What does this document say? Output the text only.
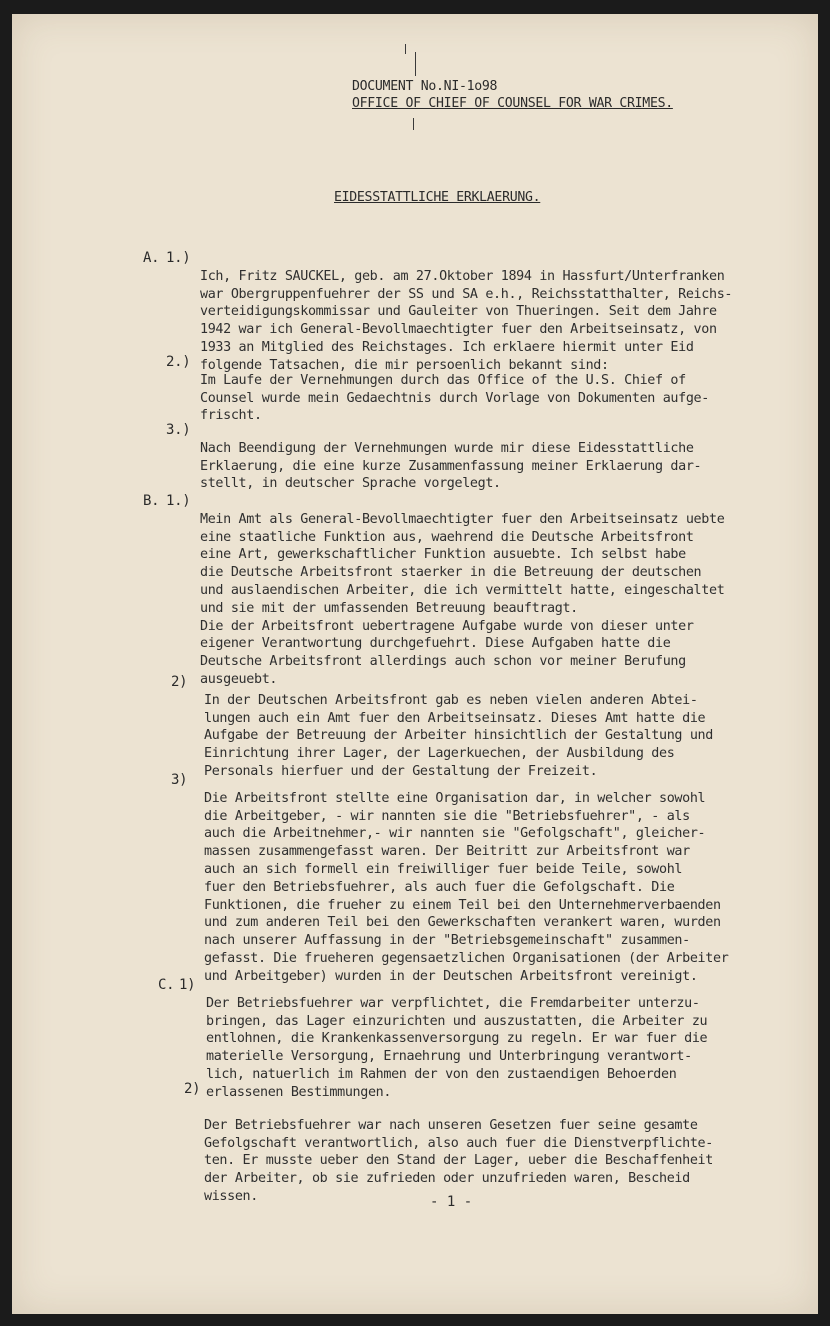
DOCUMENT No.NI-1o98
OFFICE OF CHIEF OF COUNSEL FOR WAR CRIMES.
EIDESSTATTLICHE ERKLAERUNG.
A. 1.)

Ich, Fritz SAUCKEL, geb. am 27.Oktober 1894 in Hassfurt/Unterfranken
war Obergruppenfuehrer der SS und SA e.h., Reichsstatthalter, Reichs-
verteidigungskommissar und Gauleiter von Thueringen. Seit dem Jahre
1942 war ich General-Bevollmaechtigter fuer den Arbeitseinsatz, von
1933 an Mitglied des Reichstages. Ich erklaere hiermit unter Eid
folgende Tatsachen, die mir persoenlich bekannt sind:
2.)

Im Laufe der Vernehmungen durch das Office of the U.S. Chief of
Counsel wurde mein Gedaechtnis durch Vorlage von Dokumenten aufge-
frischt.
3.)

Nach Beendigung der Vernehmungen wurde mir diese Eidesstattliche
Erklaerung, die eine kurze Zusammenfassung meiner Erklaerung dar-
stellt, in deutscher Sprache vorgelegt.
B. 1.)

Mein Amt als General-Bevollmaechtigter fuer den Arbeitseinsatz uebte
eine staatliche Funktion aus, waehrend die Deutsche Arbeitsfront
eine Art, gewerkschaftlicher Funktion ausuebte. Ich selbst habe
die Deutsche Arbeitsfront staerker in die Betreuung der deutschen
und auslaendischen Arbeiter, die ich vermittelt hatte, eingeschaltet
und sie mit der umfassenden Betreuung beauftragt.
Die der Arbeitsfront uebertragene Aufgabe wurde von dieser unter
eigener Verantwortung durchgefuehrt. Diese Aufgaben hatte die
Deutsche Arbeitsfront allerdings auch schon vor meiner Berufung
ausgeuebt.
2)

In der Deutschen Arbeitsfront gab es neben vielen anderen Abtei-
lungen auch ein Amt fuer den Arbeitseinsatz. Dieses Amt hatte die
Aufgabe der Betreuung der Arbeiter hinsichtlich der Gestaltung und
Einrichtung ihrer Lager, der Lagerkuechen, der Ausbildung des
Personals hierfuer und der Gestaltung der Freizeit.
3)

Die Arbeitsfront stellte eine Organisation dar, in welcher sowohl
die Arbeitgeber, - wir nannten sie die "Betriebsfuehrer", - als
auch die Arbeitnehmer,- wir nannten sie "Gefolgschaft", gleicher-
massen zusammengefasst waren. Der Beitritt zur Arbeitsfront war
auch an sich formell ein freiwilliger fuer beide Teile, sowohl
fuer den Betriebsfuehrer, als auch fuer die Gefolgschaft. Die
Funktionen, die frueher zu einem Teil bei den Unternehmerverbaenden
und zum anderen Teil bei den Gewerkschaften verankert waren, wurden
nach unserer Auffassung in der "Betriebsgemeinschaft" zusammen-
gefasst. Die frueheren gegensaetzlichen Organisationen (der Arbeiter
und Arbeitgeber) wurden in der Deutschen Arbeitsfront vereinigt.
C. 1)

Der Betriebsfuehrer war verpflichtet, die Fremdarbeiter unterzu-
bringen, das Lager einzurichten und auszustatten, die Arbeiter zu
entlohnen, die Krankenkassenversorgung zu regeln. Er war fuer die
materielle Versorgung, Ernaehrung und Unterbringung verantwort-
lich, natuerlich im Rahmen der von den zustaendigen Behoerden
erlassenen Bestimmungen.
2)

Der Betriebsfuehrer war nach unseren Gesetzen fuer seine gesamte
Gefolgschaft verantwortlich, also auch fuer die Dienstverpflichte-
ten. Er musste ueber den Stand der Lager, ueber die Beschaffenheit
der Arbeiter, ob sie zufrieden oder unzufrieden waren, Bescheid
wissen.	- 1 -
